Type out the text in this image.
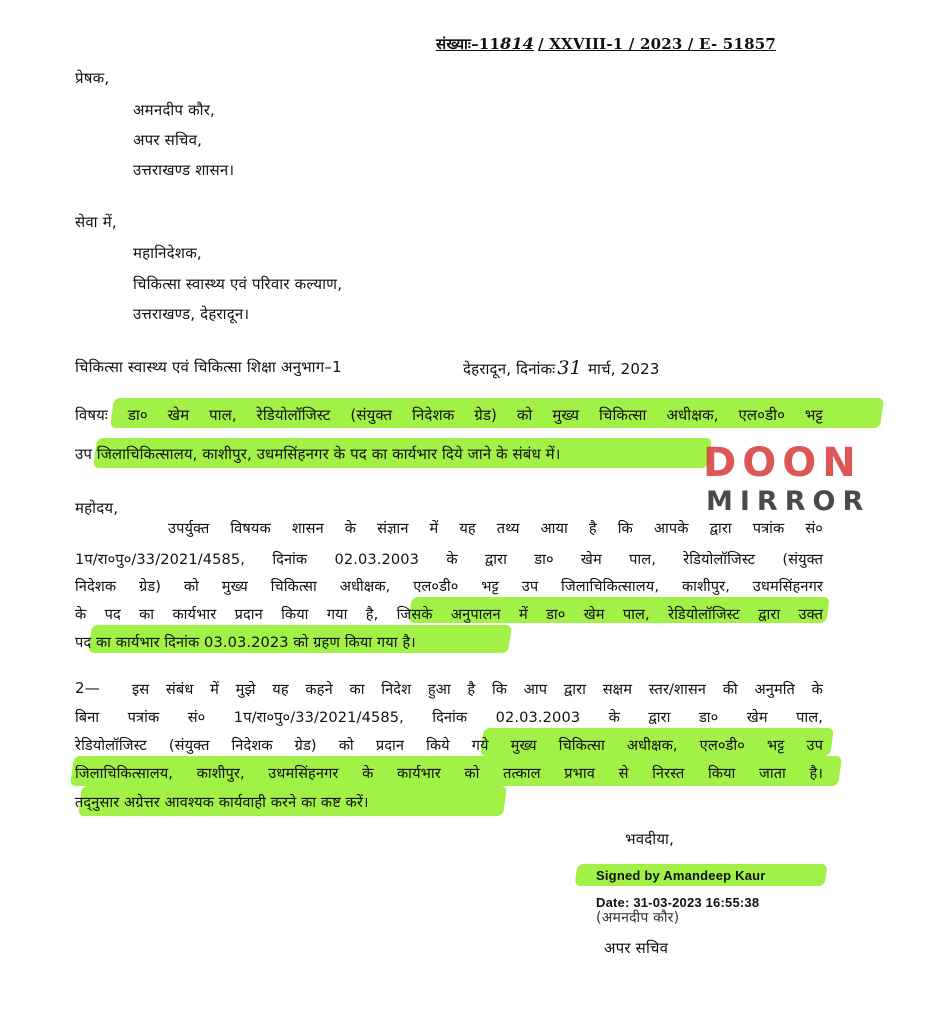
संख्याः–11814 / XXVIII-1 / 2023 / E- 51857
प्रेषक,
अमनदीप कौर,
अपर सचिव,
उत्तराखण्ड शासन।
सेवा में,
महानिदेशक,
चिकित्सा स्वास्थ्य एवं परिवार कल्याण,
उत्तराखण्ड, देहरादून।
चिकित्सा स्वास्थ्य एवं चिकित्सा शिक्षा अनुभाग–1	देहरादून, दिनांकः 31 मार्च, 2023
विषयः डा० खेम पाल, रेडियोलॉजिस्ट (संयुक्त निदेशक ग्रेड) को मुख्य चिकित्सा अधीक्षक, एल०डी० भट्ट
उप जिलाचिकित्सालय, काशीपुर, उधमसिंहनगर के पद का कार्यभार दिये जाने के संबंध में।
महोदय,
उपर्युक्त विषयक शासन के संज्ञान में यह तथ्य आया है कि आपके द्वारा पत्रांक सं०
1प/रा०पु०/33/2021/4585, दिनांक 02.03.2003 के द्वारा डा० खेम पाल, रेडियोलॉजिस्ट (संयुक्त
निदेशक ग्रेड) को मुख्य चिकित्सा अधीक्षक, एल०डी० भट्ट उप जिलाचिकित्सालय, काशीपुर, उधमसिंहनगर
के पद का कार्यभार प्रदान किया गया है, जिसके अनुपालन में डा० खेम पाल, रेडियोलॉजिस्ट द्वारा उक्त
पद का कार्यभार दिनांक 03.03.2023 को ग्रहण किया गया है।
2— इस संबंध में मुझे यह कहने का निदेश हुआ है कि आप द्वारा सक्षम स्तर/शासन की अनुमति के
बिना पत्रांक सं० 1प/रा०पु०/33/2021/4585, दिनांक 02.03.2003 के द्वारा डा० खेम पाल,
रेडियोलॉजिस्ट (संयुक्त निदेशक ग्रेड) को प्रदान किये गये मुख्य चिकित्सा अधीक्षक, एल०डी० भट्ट उप
जिलाचिकित्सालय, काशीपुर, उधमसिंहनगर के कार्यभार को तत्काल प्रभाव से निरस्त किया जाता है।
तद्नुसार अग्रेत्तर आवश्यक कार्यवाही करने का कष्ट करें।
भवदीया,
Signed by Amandeep Kaur
(अमनदीप कौर)
Date: 31-03-2023 16:55:38
अपर सचिव
DOON
MIRROR
